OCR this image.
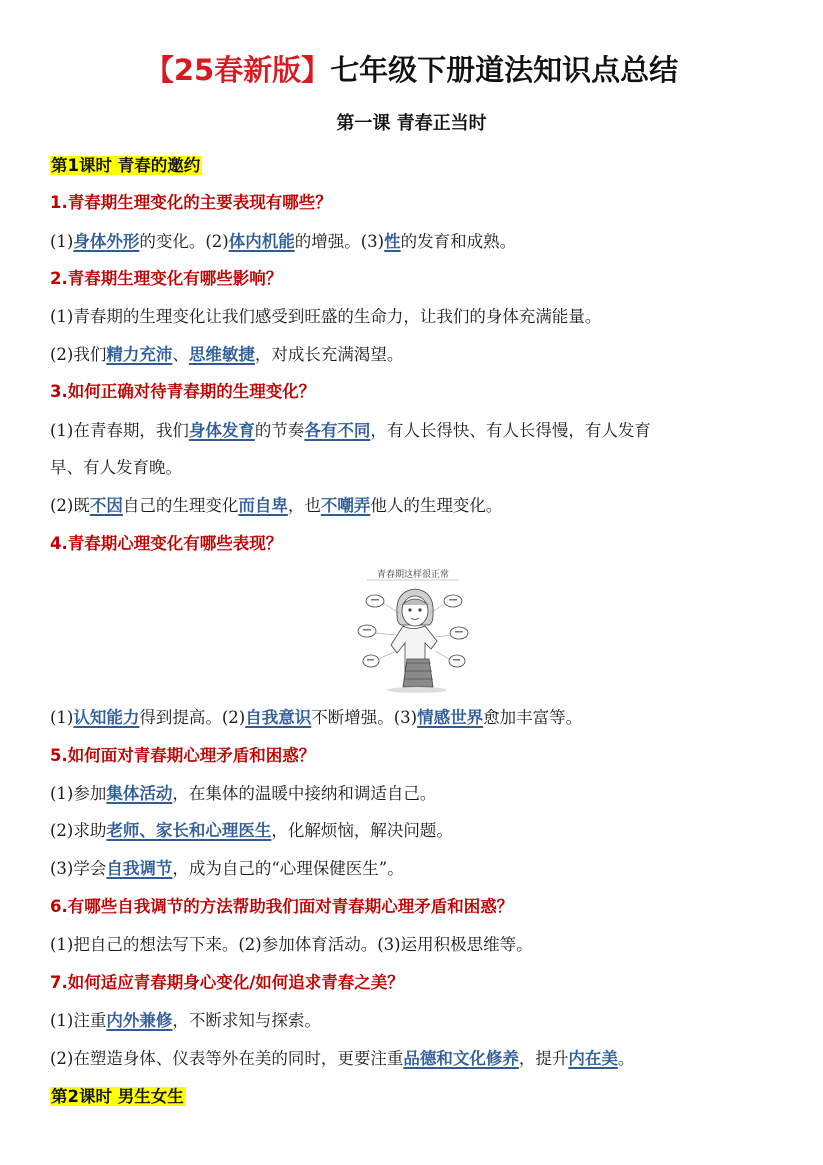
【25春新版】七年级下册道法知识点总结
第一课 青春正当时
第1课时 青春的邀约
1.青春期生理变化的主要表现有哪些？
(1)身体外形的变化。(2)体内机能的增强。(3)性的发育和成熟。
2.青春期生理变化有哪些影响？
(1)青春期的生理变化让我们感受到旺盛的生命力，让我们的身体充满能量。
(2)我们精力充沛、思维敏捷，对成长充满渴望。
3.如何正确对待青春期的生理变化？
(1)在青春期，我们身体发育的节奏各有不同，有人长得快、有人长得慢，有人发育
早、有人发育晚。
(2)既不因自己的生理变化而自卑，也不嘲弄他人的生理变化。
4.青春期心理变化有哪些表现？
青春期这样很正常
(1)认知能力得到提高。(2)自我意识不断增强。(3)情感世界愈加丰富等。
5.如何面对青春期心理矛盾和困惑？
(1)参加集体活动，在集体的温暖中接纳和调适自己。
(2)求助老师、家长和心理医生，化解烦恼，解决问题。
(3)学会自我调节，成为自己的“心理保健医生”。
6.有哪些自我调节的方法帮助我们面对青春期心理矛盾和困惑？
(1)把自己的想法写下来。(2)参加体育活动。(3)运用积极思维等。
7.如何适应青春期身心变化/如何追求青春之美？
(1)注重内外兼修，不断求知与探索。
(2)在塑造身体、仪表等外在美的同时，更要注重品德和文化修养，提升内在美。
第2课时 男生女生
